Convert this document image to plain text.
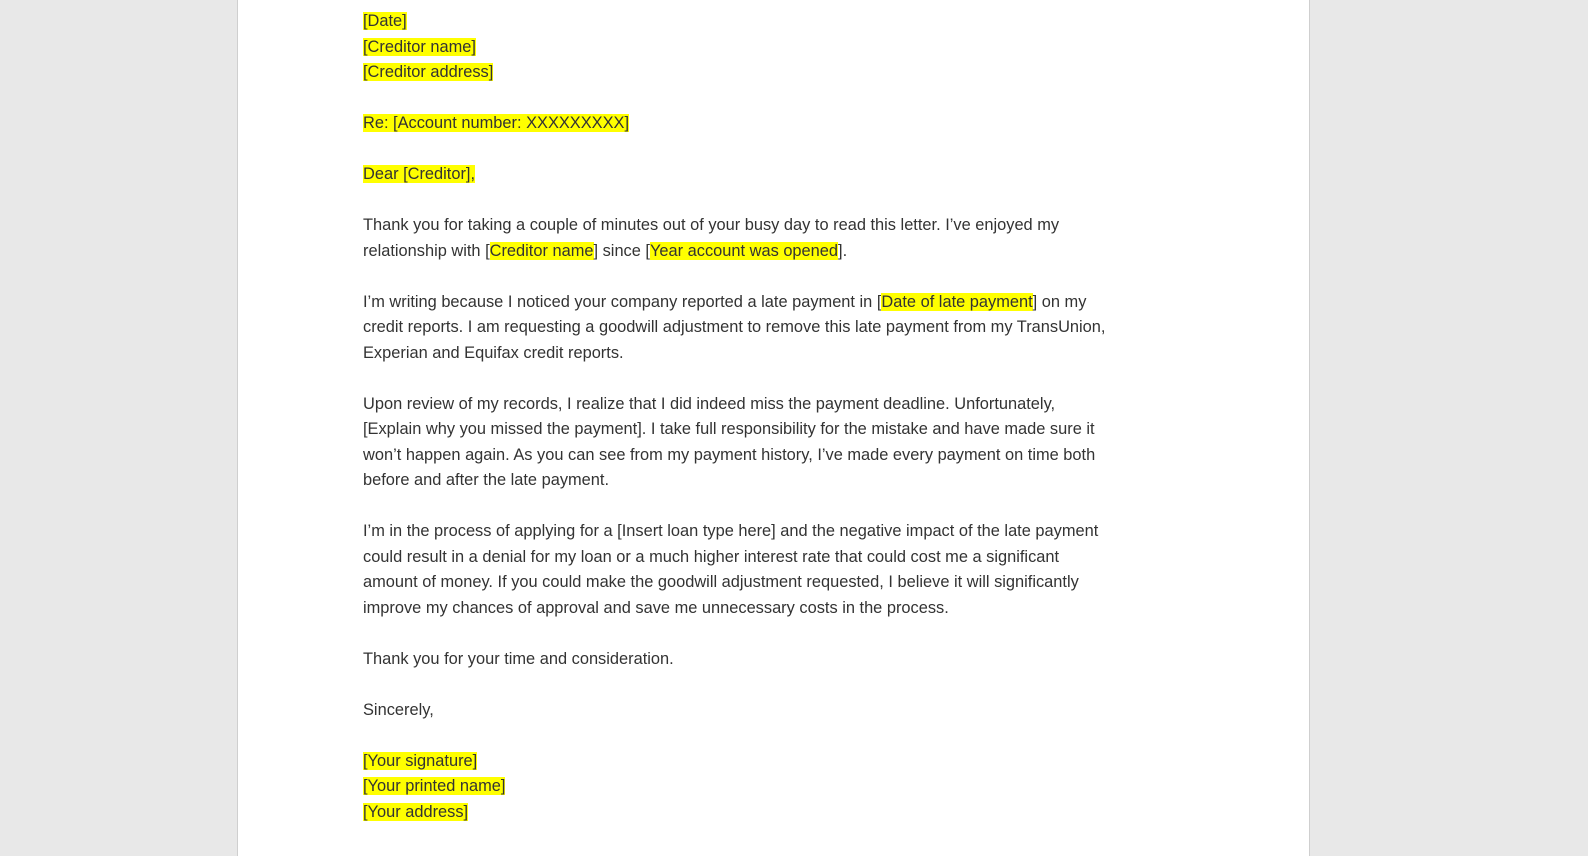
[Date]

[Creditor name]

[Creditor address]

Re: [Account number: XXXXXXXXX]

Dear [Creditor],

Thank you for taking a couple of minutes out of your busy day to read this letter. I’ve enjoyed my

relationship with [Creditor name] since [Year account was opened].

I’m writing because I noticed your company reported a late payment in [Date of late payment] on my

credit reports. I am requesting a goodwill adjustment to remove this late payment from my TransUnion,

Experian and Equifax credit reports.

Upon review of my records, I realize that I did indeed miss the payment deadline. Unfortunately,

[Explain why you missed the payment]. I take full responsibility for the mistake and have made sure it

won’t happen again. As you can see from my payment history, I’ve made every payment on time both

before and after the late payment.

I’m in the process of applying for a [Insert loan type here] and the negative impact of the late payment

could result in a denial for my loan or a much higher interest rate that could cost me a significant

amount of money. If you could make the goodwill adjustment requested, I believe it will significantly

improve my chances of approval and save me unnecessary costs in the process.

Thank you for your time and consideration.

Sincerely,

[Your signature]

[Your printed name]

[Your address]
